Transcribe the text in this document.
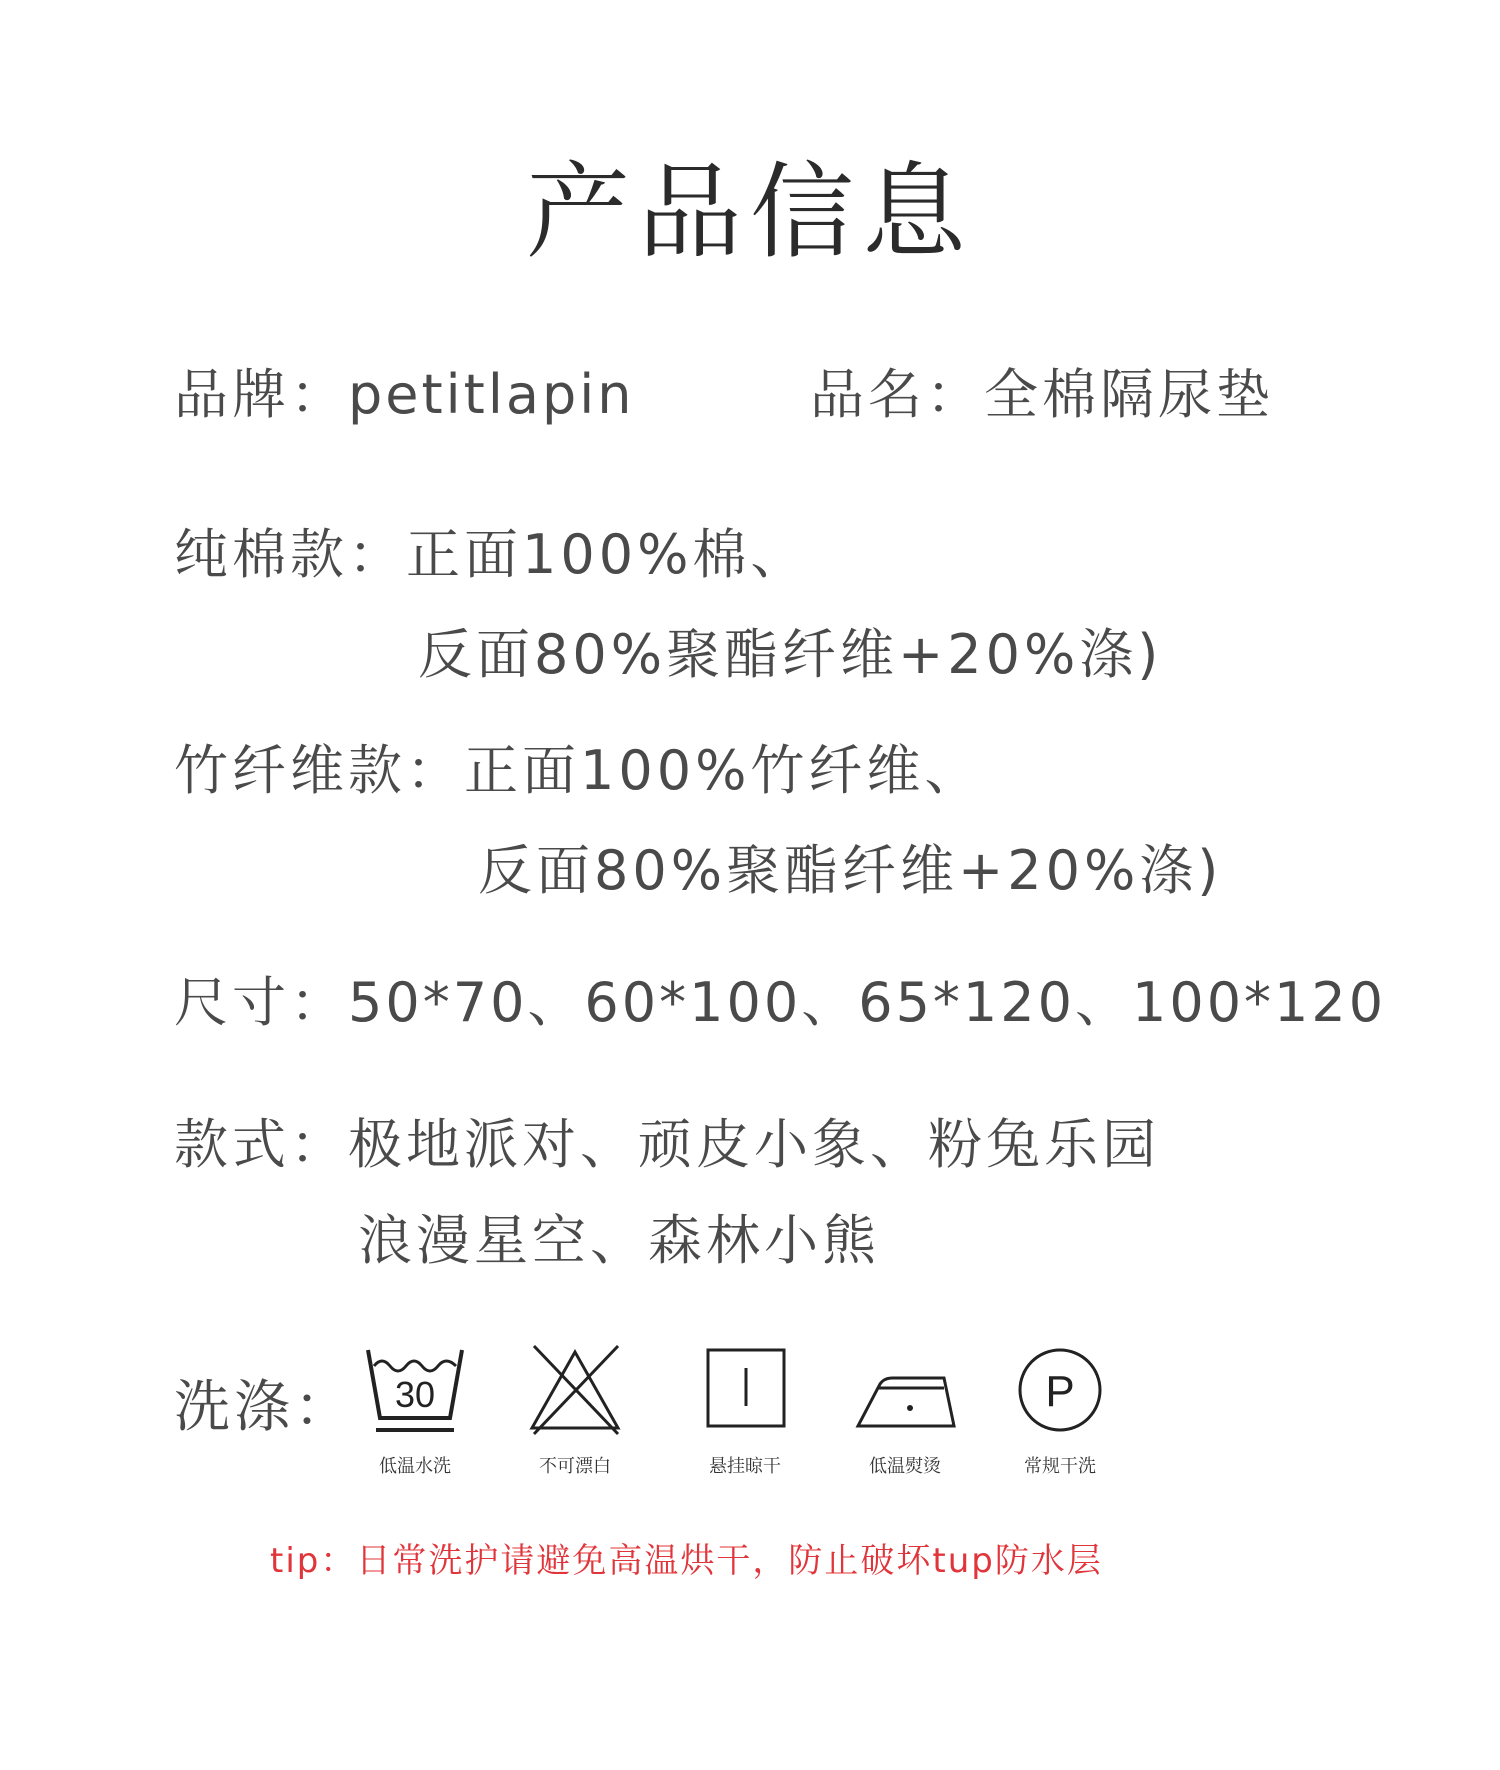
产品信息
品牌：petitlapin	品名：全棉隔尿垫
纯棉款：正面100%棉、
反面80%聚酯纤维+20%涤)
竹纤维款：正面100%竹纤维、
反面80%聚酯纤维+20%涤)
尺寸：50*70、60*100、65*120、100*120
款式：极地派对、顽皮小象、粉兔乐园
浪漫星空、森林小熊
洗涤： 30
低温水洗	不可漂白	悬挂晾干	低温熨烫
P
常规干洗
tip：日常洗护请避免高温烘干，防止破坏tup防水层
